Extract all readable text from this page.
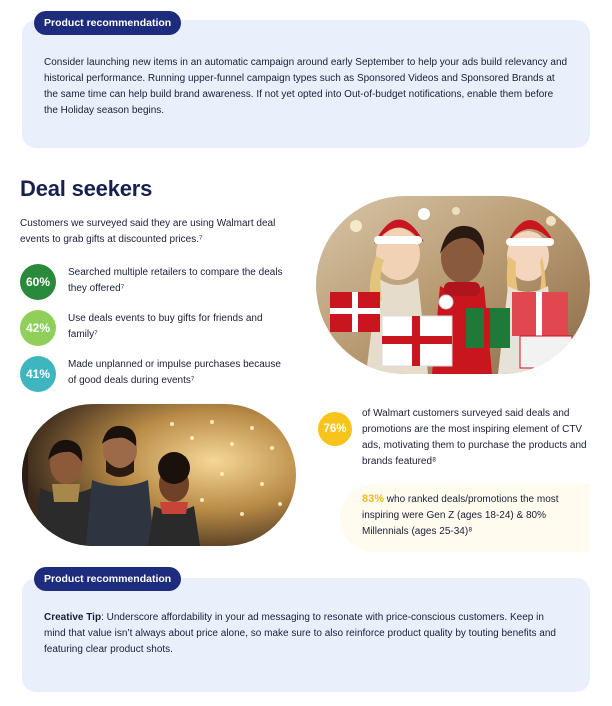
Consider launching new items in an automatic campaign around early September to help your ads build relevancy and historical performance. Running upper-funnel campaign types such as Sponsored Videos and Sponsored Brands at the same time can help build brand awareness. If not yet opted into Out-of-budget notifications, enable them before the Holiday season begins.

Product recommendation
Deal seekers

Customers we surveyed said they are using Walmart deal events to grab gifts at discounted prices.⁷

60%
Searched multiple retailers to compare the deals they offered⁷
42%
Use deals events to buy gifts for friends and family⁷
41%
Made unplanned or impulse purchases because of good deals during events⁷
76%
of Walmart customers surveyed said deals and promotions are the most inspiring element of CTV ads, motivating them to purchase the products and brands featured⁸

83% who ranked deals/promotions the most inspiring were Gen Z (ages 18-24) & 80% Millennials (ages 25-34)⁸

Creative Tip: Underscore affordability in your ad messaging to resonate with price-conscious customers. Keep in mind that value isn’t always about price alone, so make sure to also reinforce product quality by touting benefits and featuring clear product shots.

Product recommendation
